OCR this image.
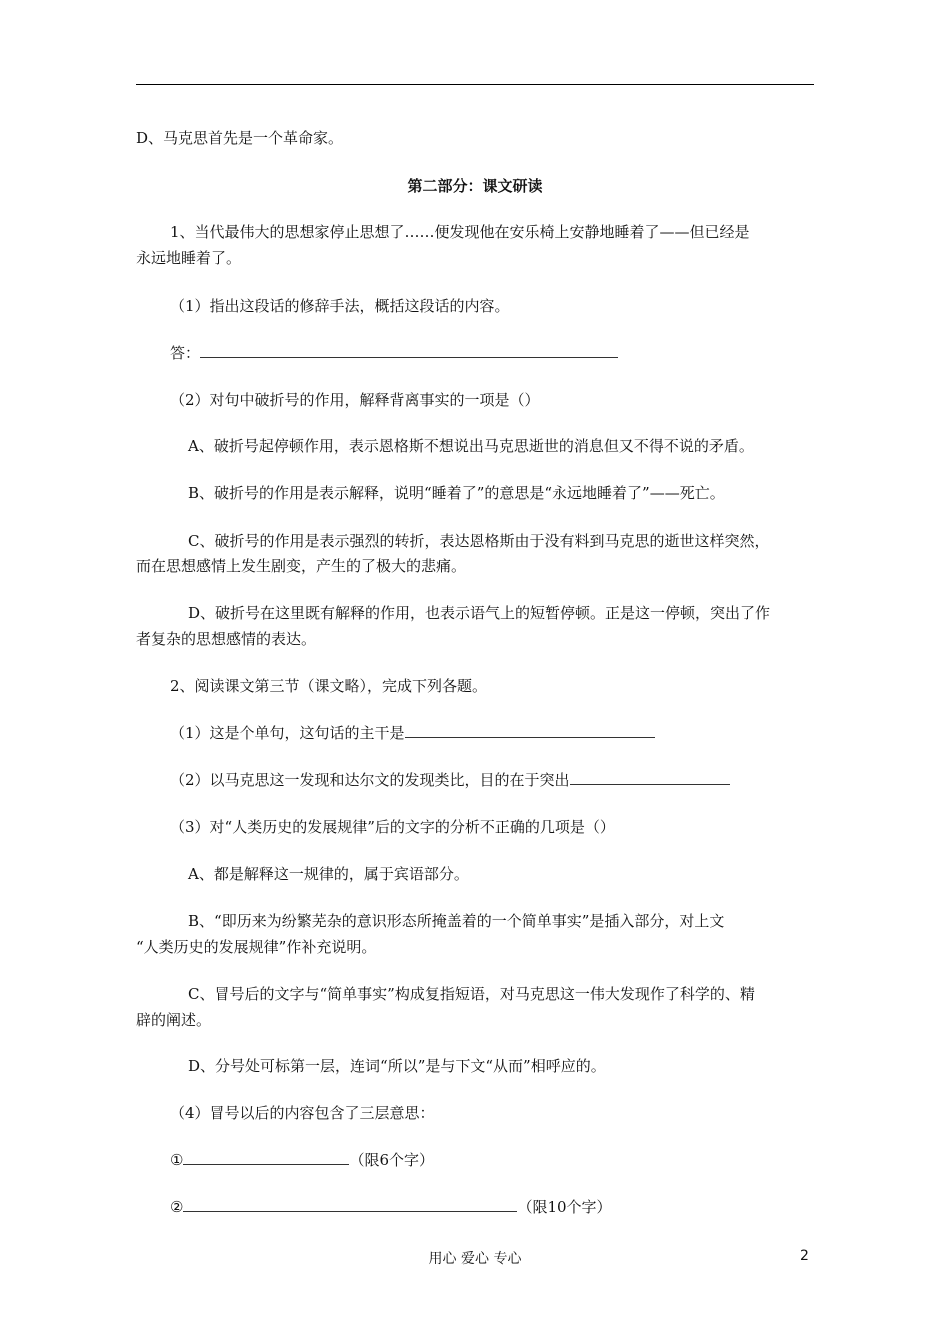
D、马克思首先是一个革命家。
第二部分：课文研读
1、当代最伟大的思想家停止思想了……便发现他在安乐椅上安静地睡着了——但已经是
永远地睡着了。
（1）指出这段话的修辞手法，概括这段话的内容。
答：
（2）对句中破折号的作用，解释背离事实的一项是（）
A、破折号起停顿作用，表示恩格斯不想说出马克思逝世的消息但又不得不说的矛盾。
B、破折号的作用是表示解释，说明“睡着了”的意思是“永远地睡着了”——死亡。
C、破折号的作用是表示强烈的转折，表达恩格斯由于没有料到马克思的逝世这样突然，
而在思想感情上发生剧变，产生的了极大的悲痛。
D、破折号在这里既有解释的作用，也表示语气上的短暂停顿。正是这一停顿，突出了作
者复杂的思想感情的表达。
2、阅读课文第三节（课文略），完成下列各题。
（1）这是个单句，这句话的主干是
（2）以马克思这一发现和达尔文的发现类比，目的在于突出
（3）对“人类历史的发展规律”后的文字的分析不正确的几项是（）
A、都是解释这一规律的，属于宾语部分。
B、“即历来为纷繁芜杂的意识形态所掩盖着的一个简单事实”是插入部分，对上文
“人类历史的发展规律”作补充说明。
C、冒号后的文字与“简单事实”构成复指短语，对马克思这一伟大发现作了科学的、精
辟的阐述。
D、分号处可标第一层，连词“所以”是与下文“从而”相呼应的。
（4）冒号以后的内容包含了三层意思：
①	（限6个字）
②	（限10个字）
用心 爱心 专心	2
